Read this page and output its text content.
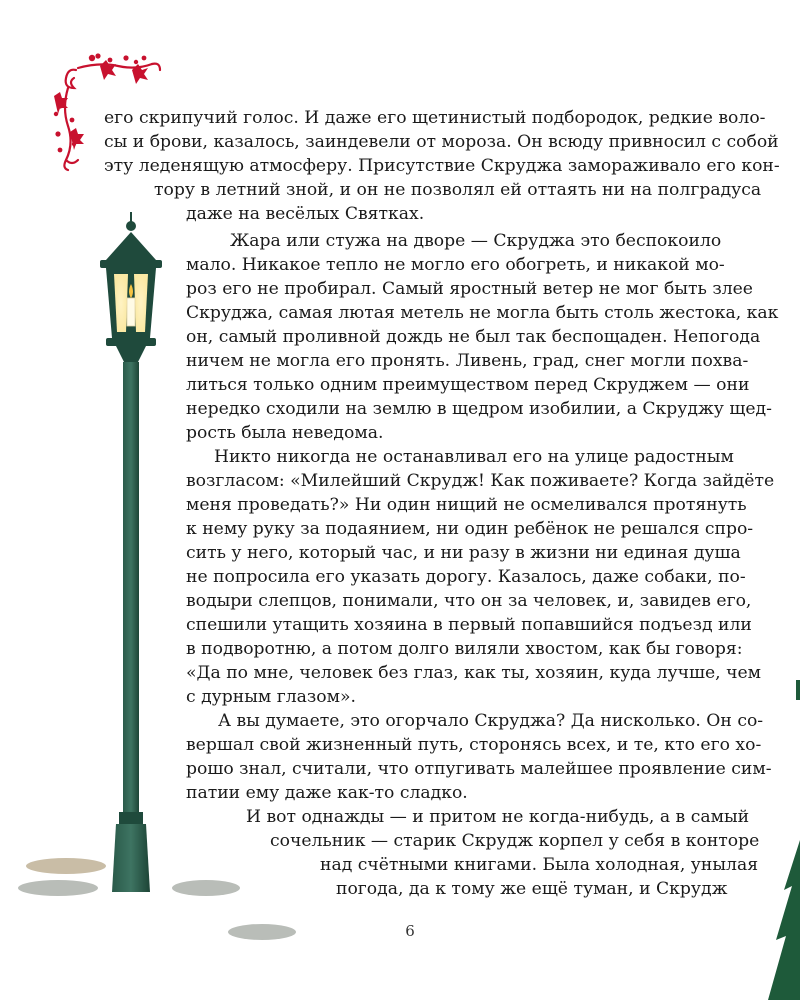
его скрипучий голос. И даже его щетинистый подбородок, редкие воло-
сы и брови, казалось, заиндевели от мороза. Он всюду привносил с собой
эту леденящую атмосферу. Присутствие Скруджа замораживало его кон-
тору в летний зной, и он не позволял ей оттаять ни на полградуса
даже на весёлых Святках.
Жара или стужа на дворе — Скруджа это беспокоило
мало. Никакое тепло не могло его обогреть, и никакой мо-
роз его не пробирал. Самый яростный ветер не мог быть злее
Скруджа, самая лютая метель не могла быть столь жестока, как
он, самый проливной дождь не был так беспощаден. Непогода
ничем не могла его пронять. Ливень, град, снег могли похва-
литься только одним преимуществом перед Скруджем — они
нередко сходили на землю в щедром изобилии, а Скруджу щед-
рость была неведома.
Никто никогда не останавливал его на улице радостным
возгласом: «Милейший Скрудж! Как поживаете? Когда зайдёте
меня проведать?» Ни один нищий не осмеливался протянуть
к нему руку за подаянием, ни один ребёнок не решался спро-
сить у него, который час, и ни разу в жизни ни единая душа
не попросила его указать дорогу. Казалось, даже собаки, по-
водыри слепцов, понимали, что он за человек, и, завидев его,
спешили утащить хозяина в первый попавшийся подъезд или
в подворотню, а потом долго виляли хвостом, как бы говоря:
«Да по мне, человек без глаз, как ты, хозяин, куда лучше, чем
с дурным глазом».
А вы думаете, это огорчало Скруджа? Да нисколько. Он со-
вершал свой жизненный путь, сторонясь всех, и те, кто его хо-
рошо знал, считали, что отпугивать малейшее проявление сим-
патии ему даже как-то сладко.
И вот однажды — и притом не когда-нибудь, а в самый
сочельник — старик Скрудж корпел у себя в конторе
над счётными книгами. Была холодная, унылая
погода, да к тому же ещё туман, и Скрудж
6
